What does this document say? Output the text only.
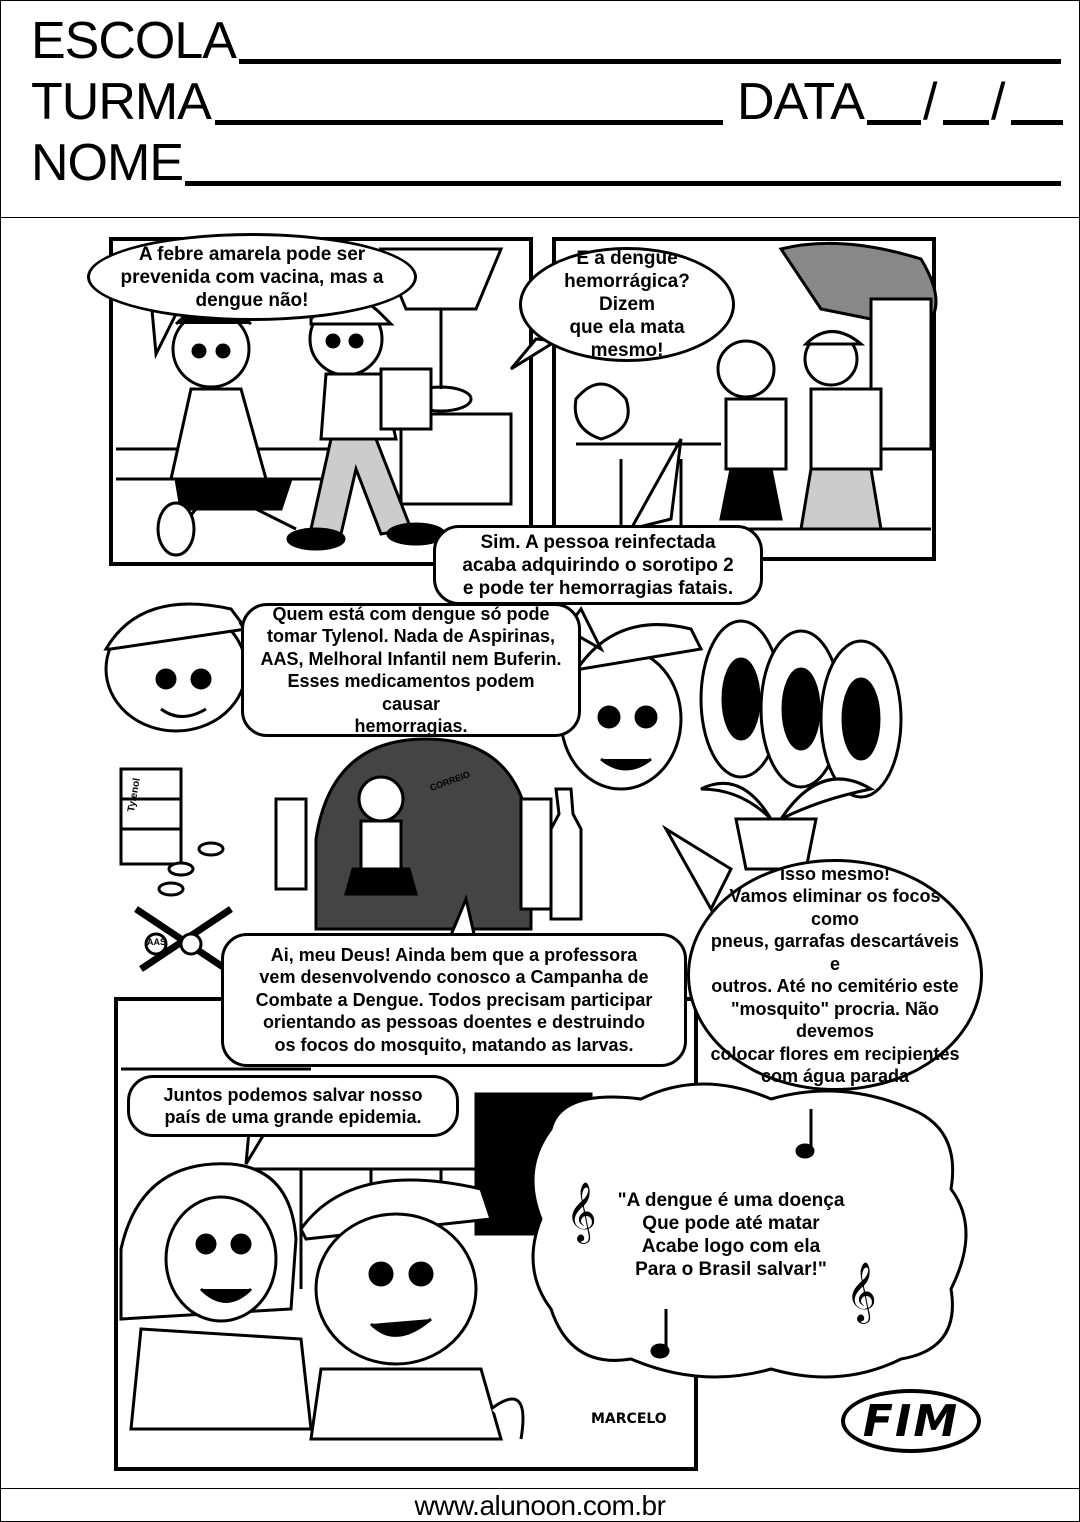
ESCOLA
TURMA	DATA / /
NOME
𝄞
𝄞
A febre amarela pode ser
prevenida com vacina, mas a
dengue não!
E a dengue
hemorrágica? Dizem
que ela mata mesmo!
Sim. A pessoa reinfectada
acaba adquirindo o sorotipo 2
e pode ter hemorragias fatais.
Quem está com dengue só pode
tomar Tylenol. Nada de Aspirinas,
AAS, Melhoral Infantil nem Buferin.
Esses medicamentos podem causar
hemorragias.
Isso mesmo!
Vamos eliminar os focos como
pneus, garrafas descartáveis e
outros. Até no cemitério este
"mosquito" procria. Não devemos
colocar flores em recipientes
com água parada
Ai, meu Deus! Ainda bem que a professora
vem desenvolvendo conosco a Campanha de
Combate a Dengue. Todos precisam participar
orientando as pessoas doentes e destruindo
os focos do mosquito, matando as larvas.
Juntos podemos salvar nosso
país de uma grande epidemia.
"A dengue é uma doença
Que pode até matar
Acabe logo com ela
Para o Brasil salvar!"
MARCELO	FIM
Tylenol
AAS
CORREIO
www.alunoon.com.br
